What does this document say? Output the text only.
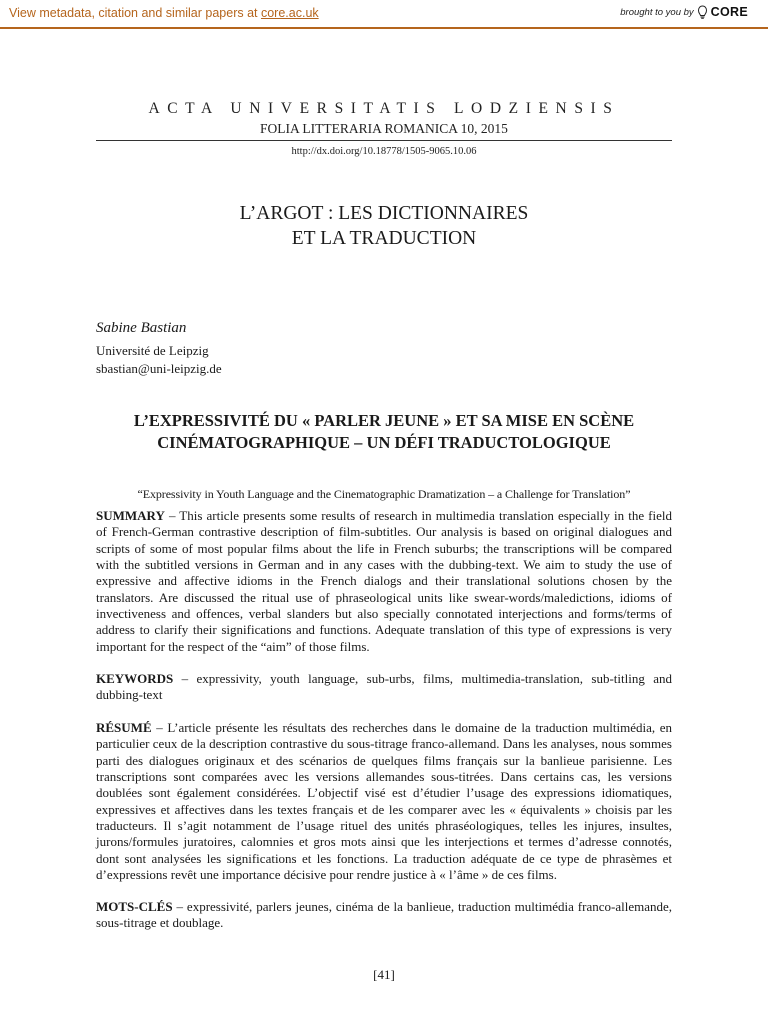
View metadata, citation and similar papers at core.ac.uk	brought to you by CORE
ACTA UNIVERSITATIS LODZIENSIS
FOLIA LITTERARIA ROMANICA 10, 2015
http://dx.doi.org/10.18778/1505-9065.10.06
L’ARGOT : LES DICTIONNAIRES
ET LA TRADUCTION
Sabine Bastian
Université de Leipzig
sbastian@uni-leipzig.de
L’EXPRESSIVITÉ DU « PARLER JEUNE » ET SA MISE EN SCÈNE
CINÉMATOGRAPHIQUE – UN DÉFI TRADUCTOLOGIQUE
“Expressivity in Youth Language and the Cinematographic Dramatization – a Challenge for Translation”
SUMMARY – This article presents some results of research in multimedia translation especially in the field of French-German contrastive description of film-subtitles. Our analysis is based on original dialogues and scripts of some of most popular films about the life in French suburbs; the transcriptions will be compared with the subtitled versions in German and in any cases with the dubbing-text. We aim to study the use of expressive and affective idioms in the French dialogs and their translational solutions chosen by the translators. Are discussed the ritual use of phraseological units like swear-words/maledictions, idioms of invectiveness and offences, verbal slanders but also specially connotated interjections and forms/terms of address to clarify their significations and functions. Adequate translation of this type of expressions is very important for the respect of the “aim” of those films.
KEYWORDS – expressivity, youth language, sub-urbs, films, multimedia-translation, sub-titling and dubbing-text
RÉSUMÉ – L’article présente les résultats des recherches dans le domaine de la traduction multimédia, en particulier ceux de la description contrastive du sous-titrage franco-allemand. Dans les analyses, nous sommes parti des dialogues originaux et des scénarios de quelques films français sur la banlieue parisienne. Les transcriptions sont comparées avec les versions allemandes sous-titrées. Dans certains cas, les versions doublées sont également considérées. L’objectif visé est d’étudier l’usage des expressions idiomatiques, expressives et affectives dans les textes français et de les comparer avec les « équivalents » choisis par les traducteurs. Il s’agit notamment de l’usage rituel des unités phraséologiques, telles les injures, insultes, jurons/formules juratoires, calomnies et gros mots ainsi que les interjections et termes d’adresse connotés, dont sont analysées les significations et les fonctions. La traduction adéquate de ce type de phrasèmes et d’expressions revêt une importance décisive pour rendre justice à « l’âme » de ces films.
MOTS-CLÉS – expressivité, parlers jeunes, cinéma de la banlieue, traduction multimédia franco-allemande, sous-titrage et doublage.
[41]
